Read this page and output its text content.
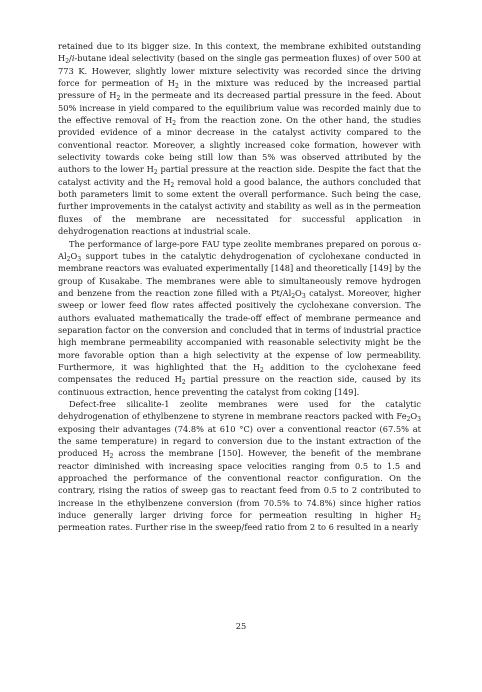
retained due to its bigger size. In this context, the membrane exhibited outstanding $H_2/i$-butane ideal selectivity (based on the single gas permeation fluxes) of over 500 at 773 K. However, slightly lower mixture selectivity was recorded since the driving force for permeation of $H_2$ in the mixture was reduced by the increased partial pressure of $H_2$ in the permeate and its decreased partial pressure in the feed. About 50% increase in yield compared to the equilibrium value was recorded mainly due to the effective removal of $H_2$ from the reaction zone. On the other hand, the studies provided evidence of a minor decrease in the catalyst activity compared to the conventional reactor. Moreover, a slightly increased coke formation, however with selectivity towards coke being still low than 5% was observed attributed by the authors to the lower $H_2$ partial pressure at the reaction side. Despite the fact that the catalyst activity and the $H_2$ removal hold a good balance, the authors concluded that both parameters limit to some extent the overall performance. Such being the case, further improvements in the catalyst activity and stability as well as in the permeation fluxes of the membrane are necessitated for successful application in dehydrogenation reactions at industrial scale.

The performance of large-pore FAU type zeolite membranes prepared on porous $\alpha-Al_2O_3$ support tubes in the catalytic dehydrogenation of cyclohexane conducted in membrane reactors was evaluated experimentally [148] and theoretically [149] by the group of Kusakabe. The membranes were able to simultaneously remove hydrogen and benzene from the reaction zone filled with a $Pt/Al_2O_3$ catalyst. Moreover, higher sweep or lower feed flow rates affected positively the cyclohexane conversion. The authors evaluated mathematically the trade-off effect of membrane permeance and separation factor on the conversion and concluded that in terms of industrial practice high membrane permeability accompanied with reasonable selectivity might be the more favorable option than a high selectivity at the expense of low permeability. Furthermore, it was highlighted that the $H_2$ addition to the cyclohexane feed compensates the reduced $H_2$ partial pressure on the reaction side, caused by its continuous extraction, hence preventing the catalyst from coking [149].

Defect-free silicalite-1 zeolite membranes were used for the catalytic dehydrogenation of ethylbenzene to styrene in membrane reactors packed with $Fe_2O_3$ exposing their advantages (74.8% at 610 °C) over a conventional reactor (67.5% at the same temperature) in regard to conversion due to the instant extraction of the produced $H_2$ across the membrane [150]. However, the benefit of the membrane reactor diminished with increasing space velocities ranging from 0.5 to 1.5 and approached the performance of the conventional reactor configuration. On the contrary, rising the ratios of sweep gas to reactant feed from 0.5 to 2 contributed to increase in the ethylbenzene conversion (from 70.5% to 74.8%) since higher ratios induce generally larger driving force for permeation resulting in higher $H_2$ permeation rates. Further rise in the sweep/feed ratio from 2 to 6 resulted in a nearly

25
